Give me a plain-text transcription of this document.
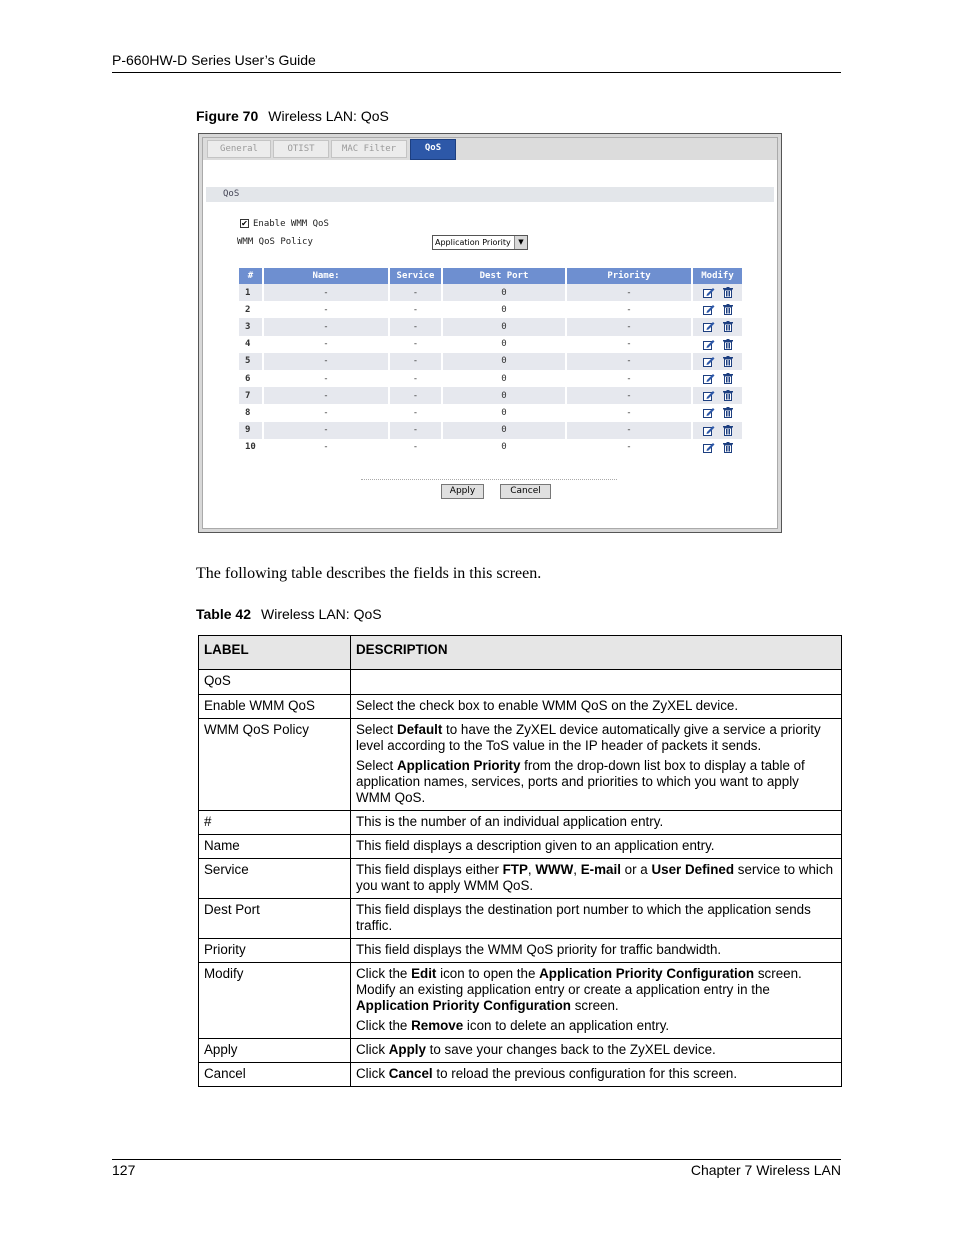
P-660HW-D Series User’s Guide
Figure 70 Wireless LAN: QoS
General	OTIST	MAC Filter	QoS
QoS
✔ Enable WMM QoS
WMM QoS Policy	Application Priority	▼
#	Name:	Service	Dest Port	Priority	Modify
1	-	-	0	-	
2	-	-	0	-	
3	-	-	0	-	
4	-	-	0	-	
5	-	-	0	-	
6	-	-	0	-	
7	-	-	0	-	
8	-	-	0	-	
9	-	-	0	-	
10	-	-	0	-	
Apply	Cancel
The following table describes the fields in this screen.
Table 42 Wireless LAN: QoS
LABEL	DESCRIPTION
QoS	
Enable WMM QoS	Select the check box to enable WMM QoS on the ZyXEL device.

WMM QoS Policy	Select Default to have the ZyXEL device automatically give a service a priority level according to the ToS value in the IP header of packets it sends.

Select Application Priority from the drop-down list box to display a table of application names, services, ports and priorities to which you want to apply WMM QoS.

#	This is the number of an individual application entry.

Name	This field displays a description given to an application entry.

Service	This field displays either FTP, WWW, E-mail or a User Defined service to which you want to apply WMM QoS.

Dest Port	This field displays the destination port number to which the application sends traffic.

Priority	This field displays the WMM QoS priority for traffic bandwidth.

Modify	Click the Edit icon to open the Application Priority Configuration screen. Modify an existing application entry or create a application entry in the Application Priority Configuration screen.

Click the Remove icon to delete an application entry.

Apply	Click Apply to save your changes back to the ZyXEL device.

Cancel	Click Cancel to reload the previous configuration for this screen.

127	Chapter 7 Wireless LAN
